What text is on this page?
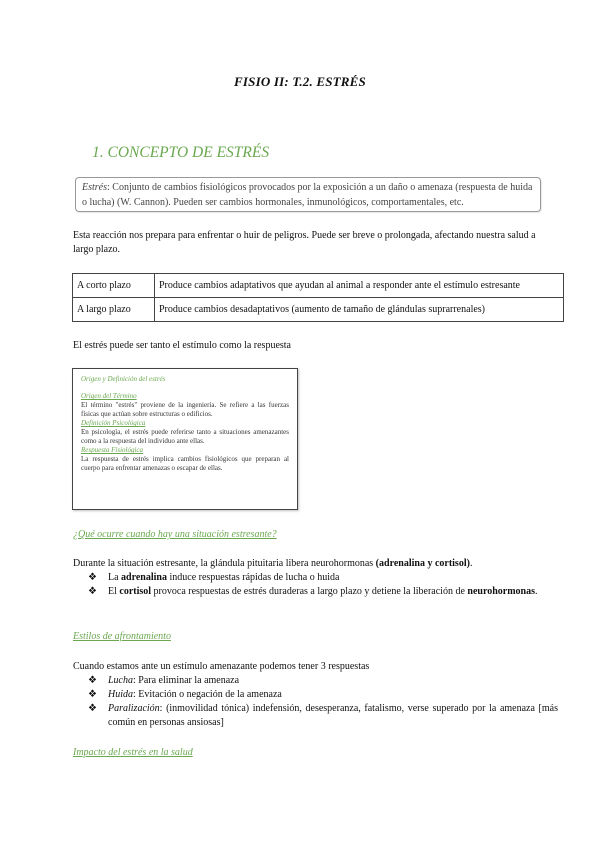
FISIO II: T.2. ESTRÉS
1. CONCEPTO DE ESTRÉS
Estrés: Conjunto de cambios fisiológicos provocados por la exposición a un daño o amenaza (respuesta de huida o lucha) (W. Cannon). Pueden ser cambios hormonales, inmunológicos, comportamentales, etc.
Esta reacción nos prepara para enfrentar o huir de peligros. Puede ser breve o prolongada, afectando nuestra salud a largo plazo.
A corto plazo	Produce cambios adaptativos que ayudan al animal a responder ante el estímulo estresante
A largo plazo	Produce cambios desadaptativos (aumento de tamaño de glándulas suprarrenales)
El estrés puede ser tanto el estímulo como la respuesta
Origen y Definición del estrés
Origen del Término
El término "estrés" proviene de la ingeniería. Se refiere a las fuerzas físicas que actúan sobre estructuras o edificios.
Definición Psicológica
En psicología, el estrés puede referirse tanto a situaciones amenazantes como a la respuesta del individuo ante ellas.
Respuesta Fisiológica
La respuesta de estrés implica cambios fisiológicos que preparan al cuerpo para enfrentar amenazas o escapar de ellas.
¿Qué ocurre cuando hay una situación estresante?
Durante la situación estresante, la glándula pituitaria libera neurohormonas (adrenalina y cortisol).
❖ La adrenalina induce respuestas rápidas de lucha o huida
❖ El cortisol provoca respuestas de estrés duraderas a largo plazo y detiene la liberación de neurohormonas.
Estilos de afrontamiento
Cuando estamos ante un estímulo amenazante podemos tener 3 respuestas
❖ Lucha: Para eliminar la amenaza
❖ Huida: Evitación o negación de la amenaza
❖ Paralización: (inmovilidad tónica) indefensión, desesperanza, fatalismo, verse superado por la amenaza [más común en personas ansiosas]
Impacto del estrés en la salud
